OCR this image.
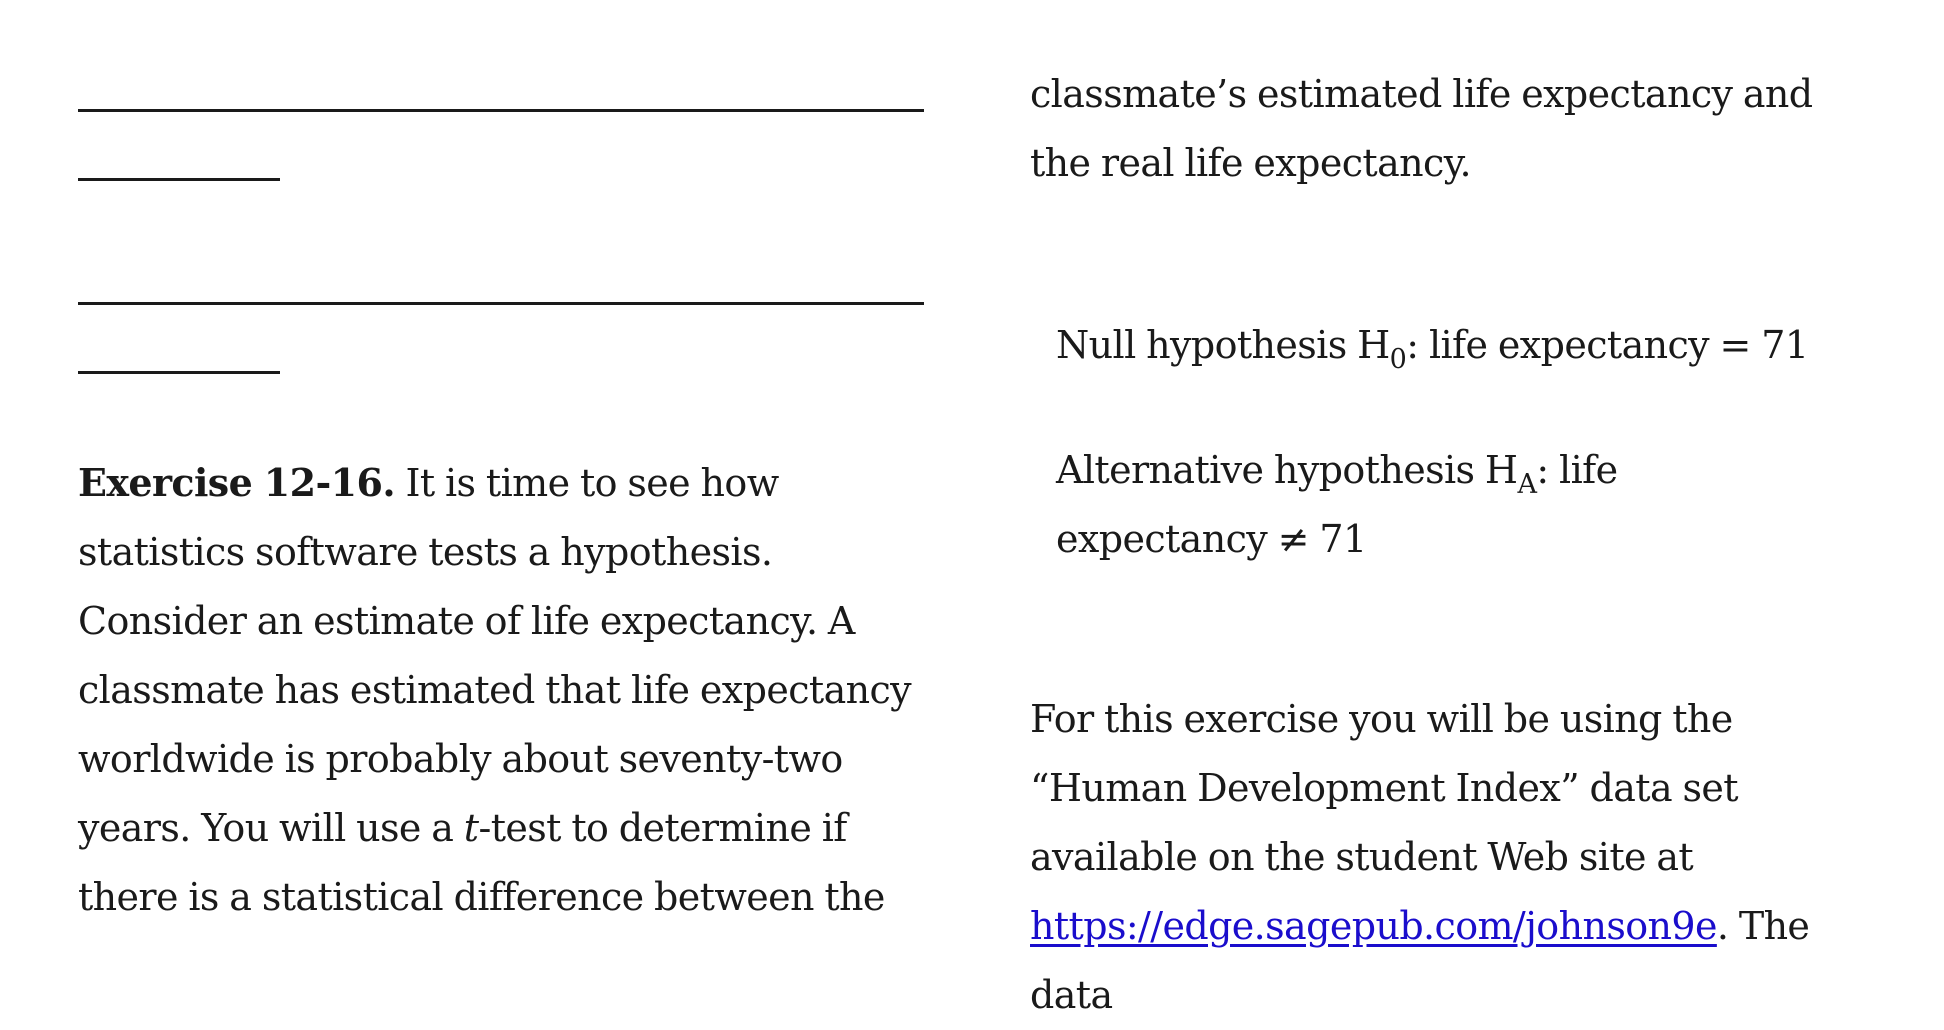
Exercise 12-16. It is time to see how statistics software tests a hypothesis. Consider an estimate of life expectancy. A classmate has estimated that life expectancy worldwide is probably about seventy-two years. You will use a t-test to determine if there is a statistical difference between the

classmate’s estimated life expectancy and the real life expectancy.

Null hypothesis $H_0$: life expectancy = 71

Alternative hypothesis $H_A$: life expectancy ≠ 71

For this exercise you will be using the “Human Development Index” data set available on the student Web site at https://edge.sagepub.com/johnson9e. The data
